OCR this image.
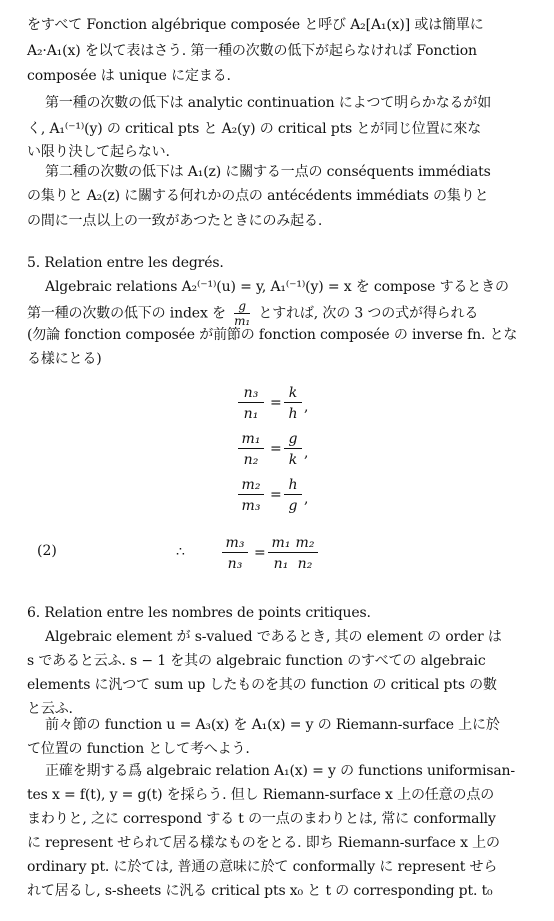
をすべて Fonction algébrique composée と呼び A₂[A₁(x)] 或は簡單に
A₂·A₁(x) を以て表はさう. 第一種の次數の低下が起らなければ Fonction
composée は unique に定まる.
第一種の次數の低下は analytic continuation によつて明らかなるが如
く, A₁⁽⁻¹⁾(y) の critical pts と A₂(y) の critical pts とが同じ位置に來な
い限り決して起らない.
第二種の次數の低下は A₁(z) に關する一点の conséquents immédiats
の集りと A₂(z) に關する何れかの点の antécédents immédiats の集りと
の間に一点以上の一致があつたときにのみ起る.
5. Relation entre les degrés.
Algebraic relations A₂⁽⁻¹⁾(u) = y, A₁⁽⁻¹⁾(y) = x を compose するときの
第一種の次數の低下の index を $\frac{g}{\text{m₁}}$ とすれば, 次の 3 つの式が得られる
(勿論 fonction composée が前節の fonction composée の inverse fn. とな
る樣にとる)
n₃
n₁
=
k
h ,
m₁
n₂
=
g
k ,
m₂
m₃
=
h
g ,
(2)	∴
m₃
n₃
=
m₁
n₁
m₂
n₂
6. Relation entre les nombres de points critiques.
Algebraic element が s-valued であるとき, 其の element の order は
s であると云ふ. s − 1 を其の algebraic function のすべての algebraic
elements に汎つて sum up したものを其の function の critical pts の數
と云ふ.
前々節の function u = A₃(x) を A₁(x) = y の Riemann-surface 上に於
て位置の function として考へよう.
正確を期する爲 algebraic relation A₁(x) = y の functions uniformisan-
tes x = f(t), y = g(t) を採らう. 但し Riemann-surface x 上の任意の点の
まわりと, 之に correspond する t の一点のまわりとは, 常に conformally
に represent せられて居る樣なものをとる. 即ち Riemann-surface x 上の
ordinary pt. に於ては, 普通の意味に於て conformally に represent せら
れて居るし, s-sheets に汎る critical pts x₀ と t の corresponding pt. t₀
